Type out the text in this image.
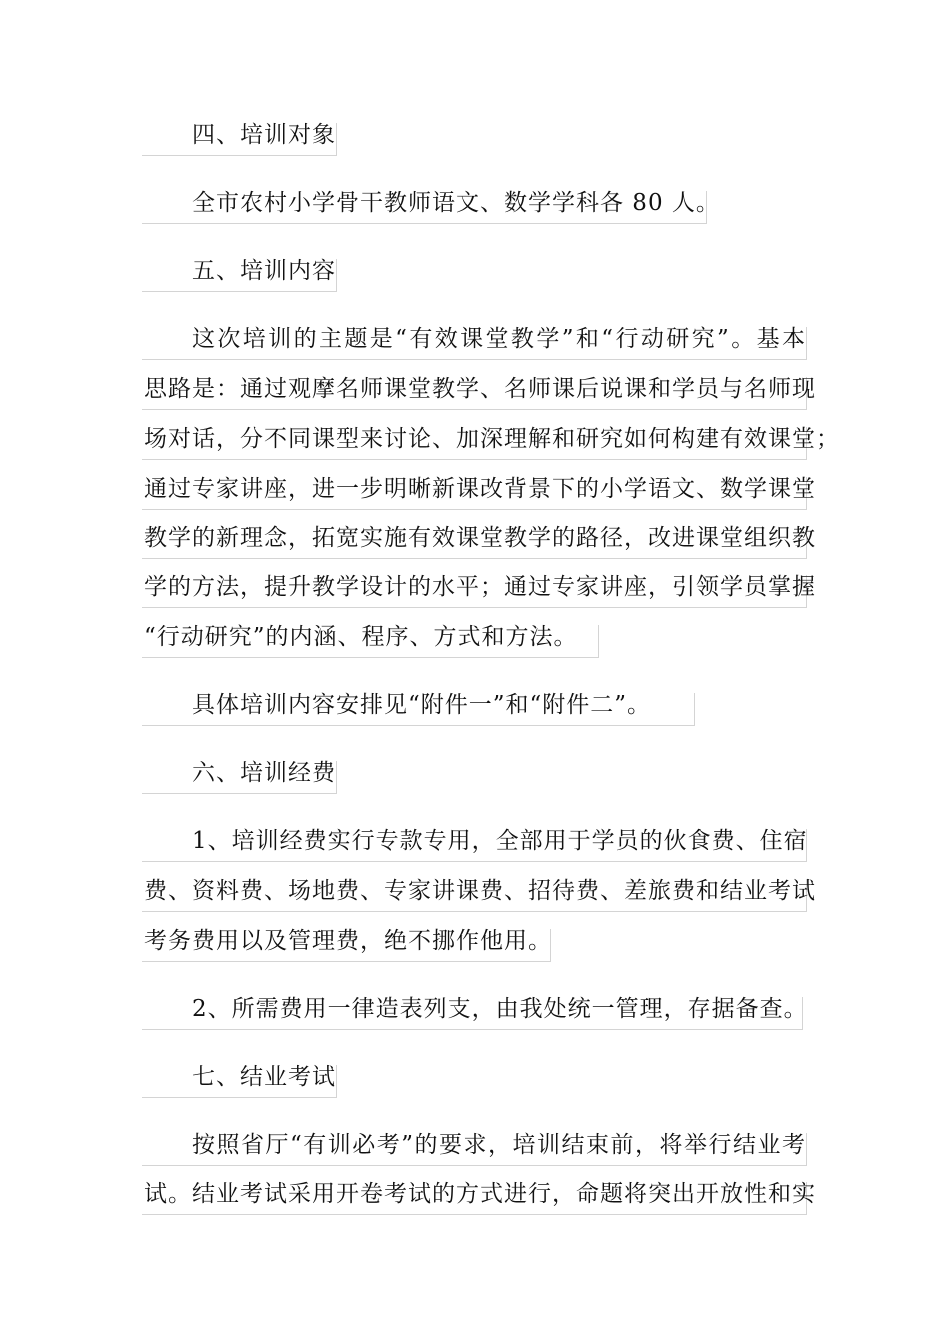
四、培训对象
全市农村小学骨干教师语文、数学学科各 80 人。
五、培训内容
这次培训的主题是“有效课堂教学”和“行动研究”。基本
思路是：通过观摩名师课堂教学、名师课后说课和学员与名师现
场对话，分不同课型来讨论、加深理解和研究如何构建有效课堂；
通过专家讲座，进一步明晰新课改背景下的小学语文、数学课堂
教学的新理念，拓宽实施有效课堂教学的路径，改进课堂组织教
学的方法，提升教学设计的水平；通过专家讲座，引领学员掌握
“行动研究”的内涵、程序、方式和方法。
具体培训内容安排见“附件一”和“附件二”。
六、培训经费
1、培训经费实行专款专用，全部用于学员的伙食费、住宿
费、资料费、场地费、专家讲课费、招待费、差旅费和结业考试
考务费用以及管理费，绝不挪作他用。
2、所需费用一律造表列支，由我处统一管理，存据备查。
七、结业考试
按照省厅“有训必考”的要求，培训结束前，将举行结业考
试。结业考试采用开卷考试的方式进行，命题将突出开放性和实
